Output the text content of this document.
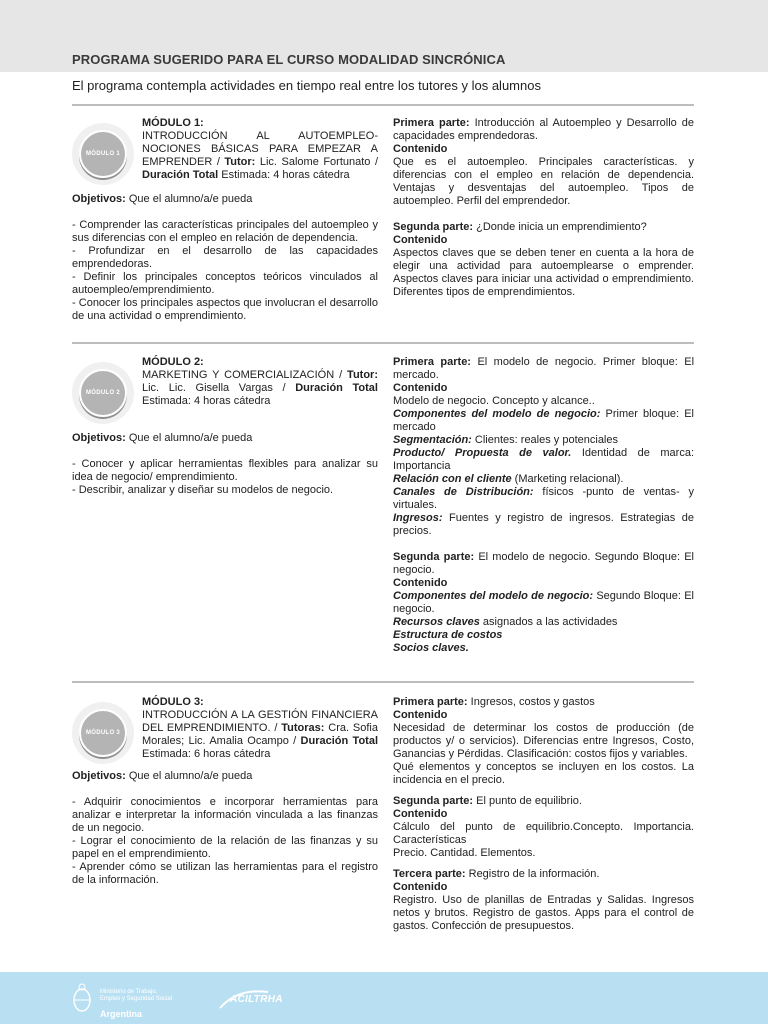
PROGRAMA SUGERIDO PARA EL CURSO MODALIDAD SINCRÓNICA
El programa contempla actividades en tiempo real entre los tutores y los alumnos
MÓDULO 1
MÓDULO 1:
INTRODUCCIÓN AL AUTOEMPLEO-NOCIONES BÁSICAS PARA EMPEZAR A EMPRENDER / Tutor: Lic. Salome Fortunato / Duración Total Estimada: 4 horas cátedra

Objetivos: Que el alumno/a/e pueda

- Comprender las características principales del autoempleo y sus diferencias con el empleo en relación de dependencia.

- Profundizar en el desarrollo de las capacidades emprendedoras.

- Definir los principales conceptos teóricos vinculados al autoempleo/emprendimiento.

- Conocer los principales aspectos que involucran el desarrollo de una actividad o emprendimiento.

Primera parte: Introducción al Autoempleo y Desarrollo de capacidades emprendedoras.

Contenido

Que es el autoempleo. Principales características. y diferencias con el empleo en relación de dependencia. Ventajas y desventajas del autoempleo. Tipos de autoempleo. Perfil del emprendedor.

Segunda parte: ¿Donde inicia un emprendimiento?

Contenido

Aspectos claves que se deben tener en cuenta a la hora de elegir una actividad para autoemplearse o emprender. Aspectos claves para iniciar una actividad o emprendimiento. Diferentes tipos de emprendimientos.

MÓDULO 2
MÓDULO 2:
MARKETING Y COMERCIALIZACIÓN / Tutor: Lic. Lic. Gisella Vargas / Duración Total Estimada: 4 horas cátedra

Objetivos: Que el alumno/a/e pueda

- Conocer y aplicar herramientas flexibles para analizar su idea de negocio/ emprendimiento.

- Describir, analizar y diseñar su modelos de negocio.

Primera parte: El modelo de negocio. Primer bloque: El mercado.

Contenido

Modelo de negocio. Concepto y alcance..

Componentes del modelo de negocio: Primer bloque: El mercado

Segmentación: Clientes: reales y potenciales

Producto/ Propuesta de valor. Identidad de marca: Importancia

Relación con el cliente (Marketing relacional).

Canales de Distribución: físicos -punto de ventas- y virtuales.

Ingresos: Fuentes y registro de ingresos. Estrategias de precios.

Segunda parte: El modelo de negocio. Segundo Bloque: El negocio.

Contenido

Componentes del modelo de negocio: Segundo Bloque: El negocio.

Recursos claves asignados a las actividades

Estructura de costos

Socios claves.

MÓDULO 3
MÓDULO 3:
INTRODUCCIÓN A LA GESTIÓN FINANCIERA DEL EMPRENDIMIENTO. / Tutoras: Cra. Sofia Morales; Lic. Amalia Ocampo / Duración Total Estimada: 6 horas cátedra

Objetivos: Que el alumno/a/e pueda

- Adquirir conocimientos e incorporar herramientas para analizar e interpretar la información vinculada a las finanzas de un negocio.

- Lograr el conocimiento de la relación de las finanzas y su papel en el emprendimiento.

- Aprender cómo se utilizan las herramientas para el registro de la información.

Primera parte: Ingresos, costos y gastos

Contenido

Necesidad de determinar los costos de producción (de productos y/ o servicios). Diferencias entre Ingresos, Costo, Ganancias y Pérdidas. Clasificación: costos fijos y variables.

Qué elementos y conceptos se incluyen en los costos. La incidencia en el precio.

Segunda parte: El punto de equilibrio.

Contenido

Cálculo del punto de equilibrio.Concepto. Importancia. Características

Precio. Cantidad. Elementos.

Tercera parte: Registro de la información.

Contenido

Registro. Uso de planillas de Entradas y Salidas. Ingresos netos y brutos. Registro de gastos. Apps para el control de gastos. Confección de presupuestos.

Ministerio de Trabajo,
Empleo y Seguridad Social
Argentina
ACILTRHA
